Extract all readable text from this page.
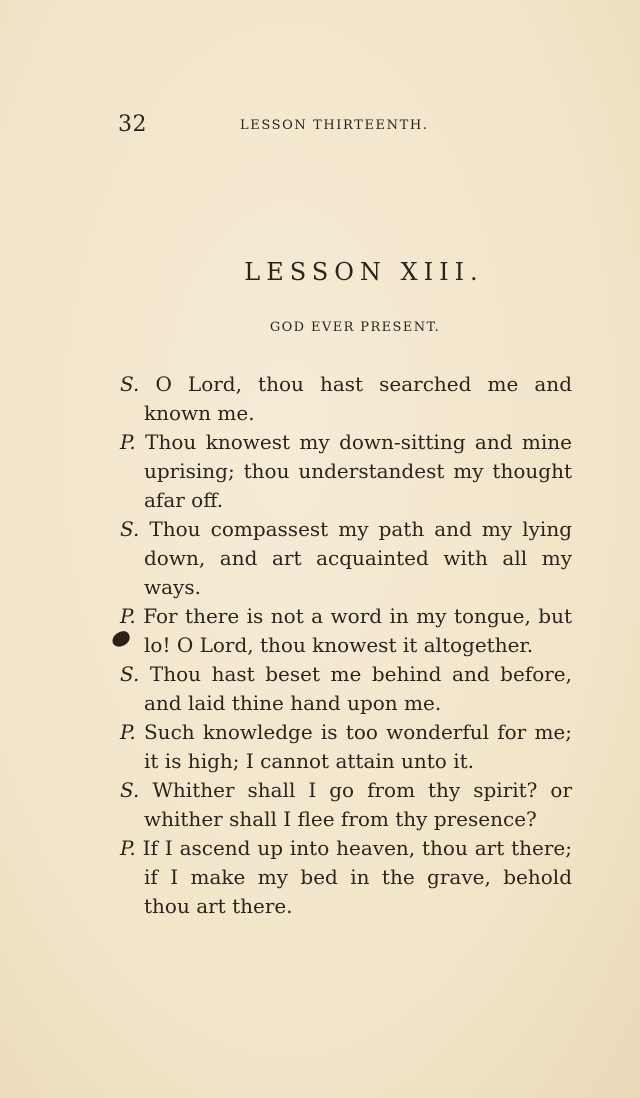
32	LESSON THIRTEENTH.
LESSON XIII.
GOD EVER PRESENT.

S. O Lord, thou hast searched me and known me.

P. Thou knowest my down-sitting and mine uprising; thou understandest my thought afar off.

S. Thou compassest my path and my lying down, and art acquainted with all my ways.

P. For there is not a word in my tongue, but lo! O Lord, thou knowest it altogether.

S. Thou hast beset me behind and before, and laid thine hand upon me.

P. Such knowledge is too wonderful for me; it is high; I cannot attain unto it.

S. Whither shall I go from thy spirit? or whither shall I flee from thy presence?

P. If I ascend up into heaven, thou art there; if I make my bed in the grave, behold thou art there.
